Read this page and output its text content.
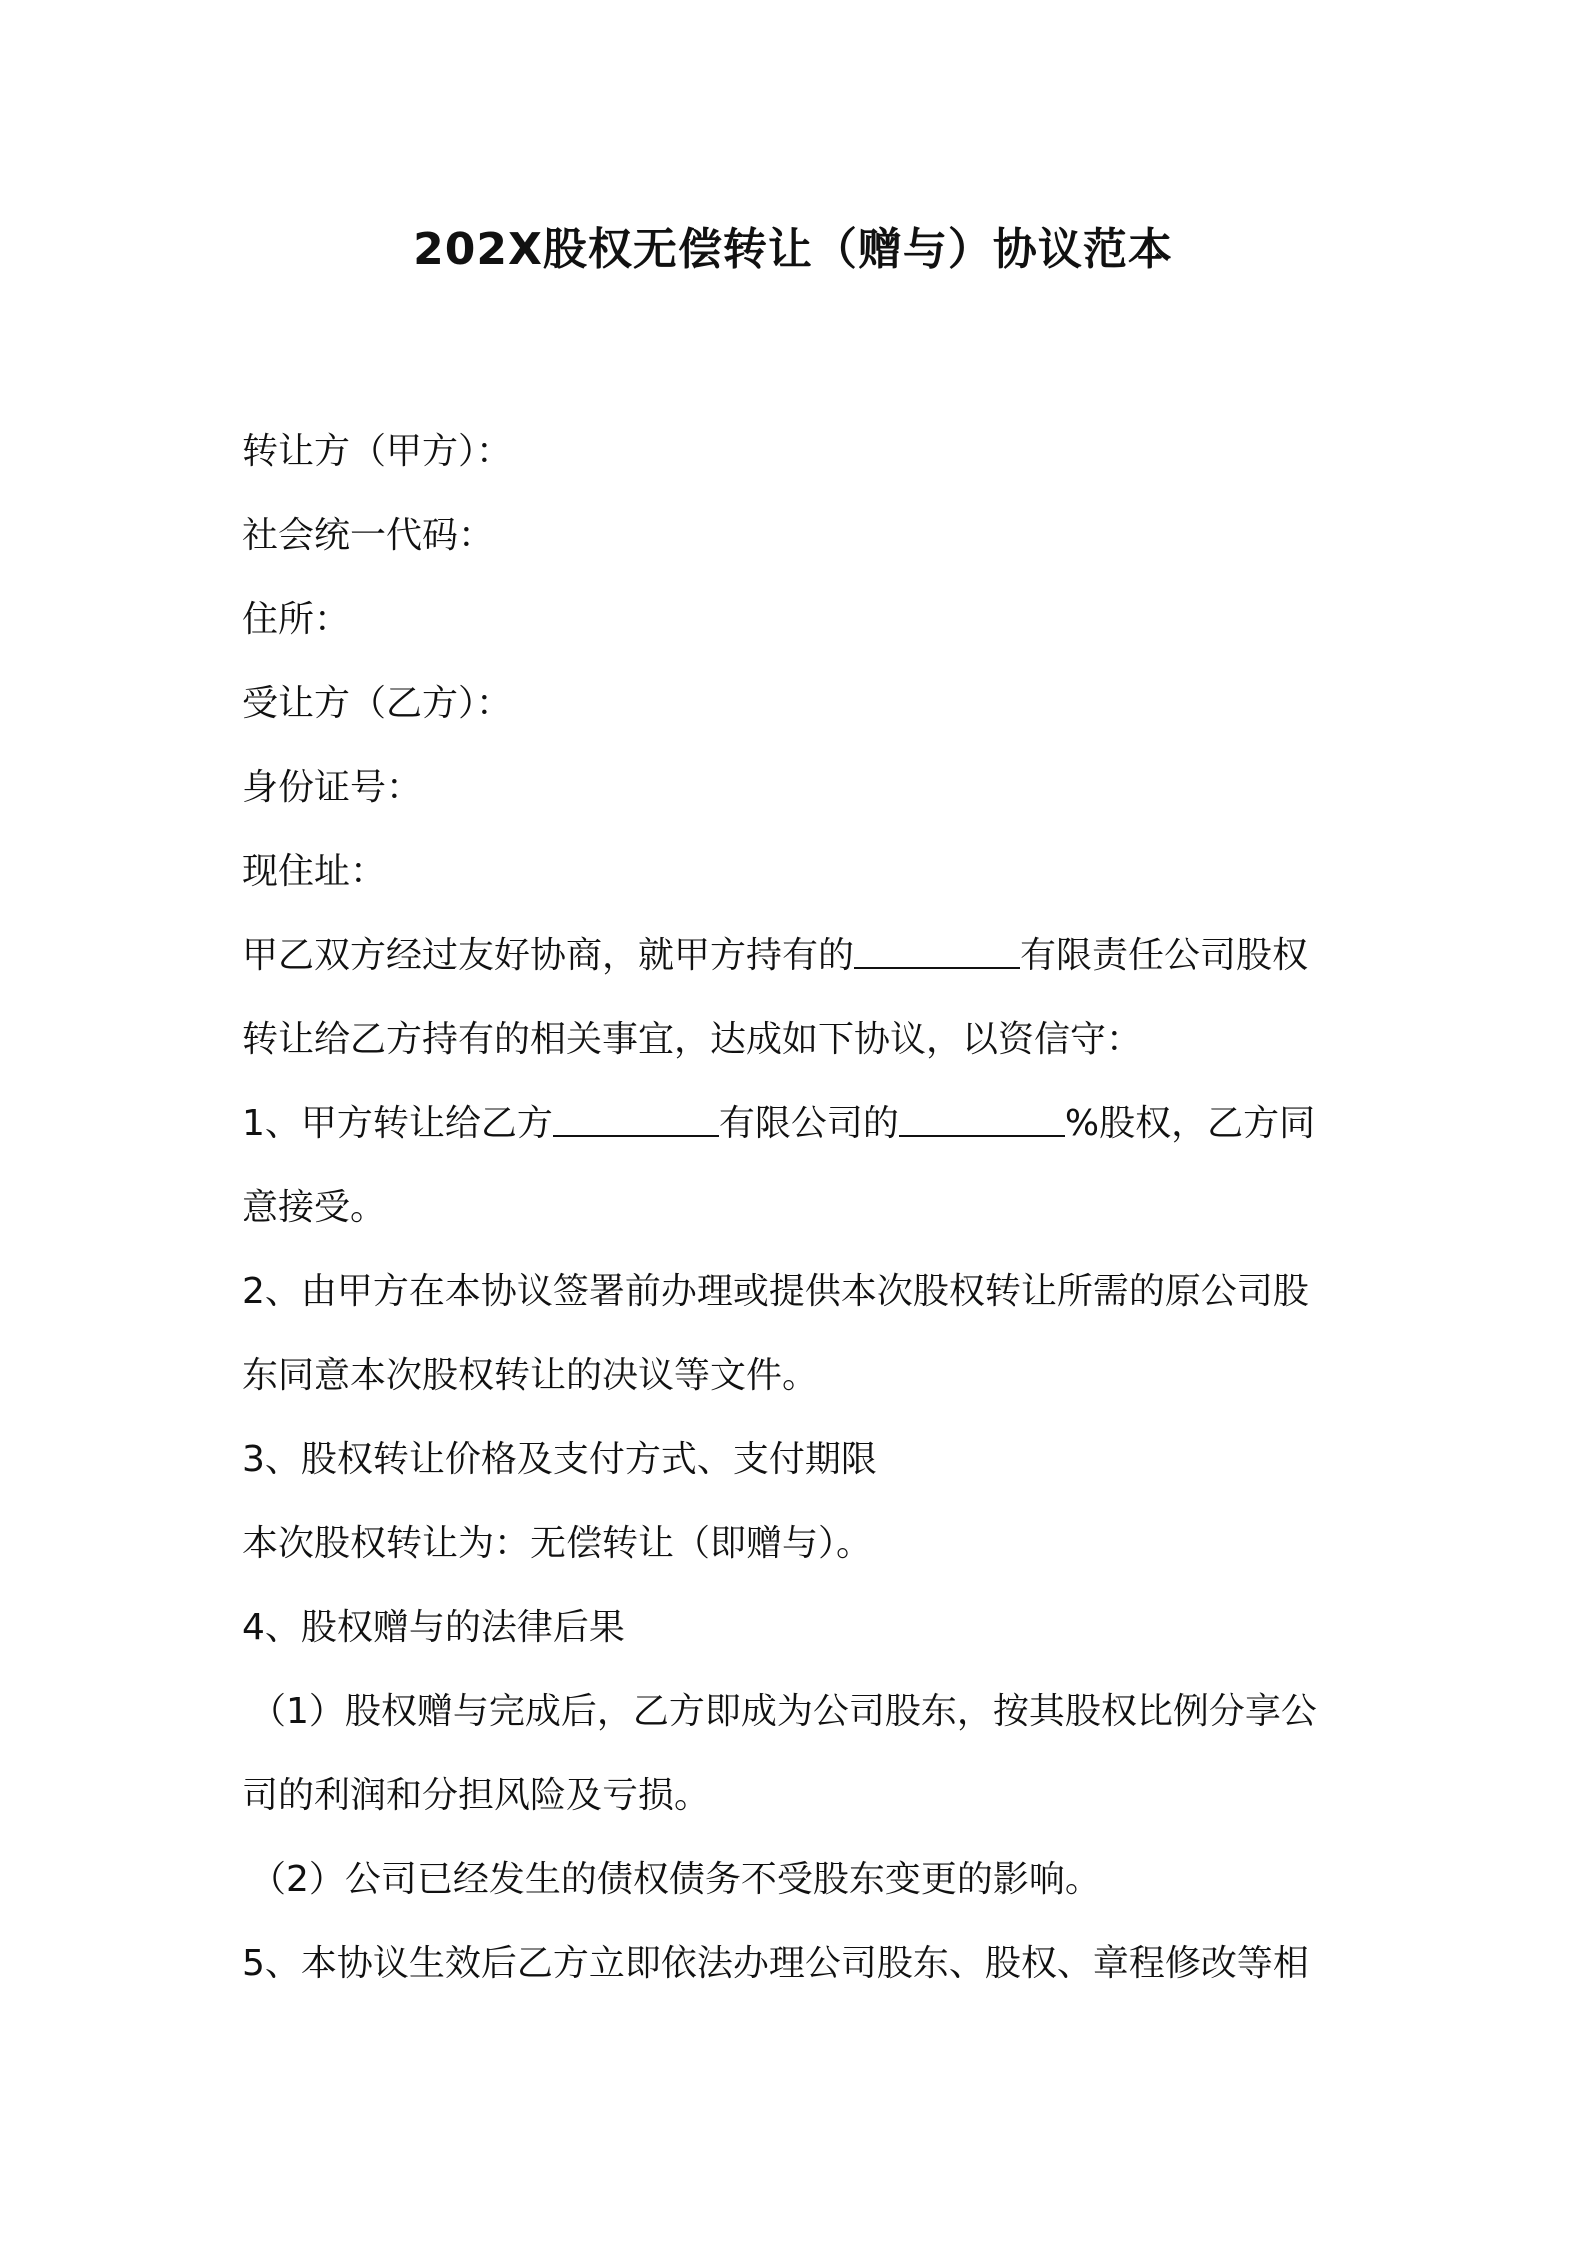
202X股权无偿转让（赠与）协议范本
转让方（甲方）：
社会统一代码：
住所：
受让方（乙方）：
身份证号：
现住址：
甲乙双方经过友好协商，就甲方持有的	有限责任公司股权
转让给乙方持有的相关事宜，达成如下协议，以资信守：
1、甲方转让给乙方	有限公司的	%股权，乙方同
意接受。
2、由甲方在本协议签署前办理或提供本次股权转让所需的原公司股
东同意本次股权转让的决议等文件。
3、股权转让价格及支付方式、支付期限
本次股权转让为：无偿转让（即赠与）。
4、股权赠与的法律后果
（1）股权赠与完成后，乙方即成为公司股东，按其股权比例分享公
司的利润和分担风险及亏损。
（2）公司已经发生的债权债务不受股东变更的影响。
5、本协议生效后乙方立即依法办理公司股东、股权、章程修改等相
